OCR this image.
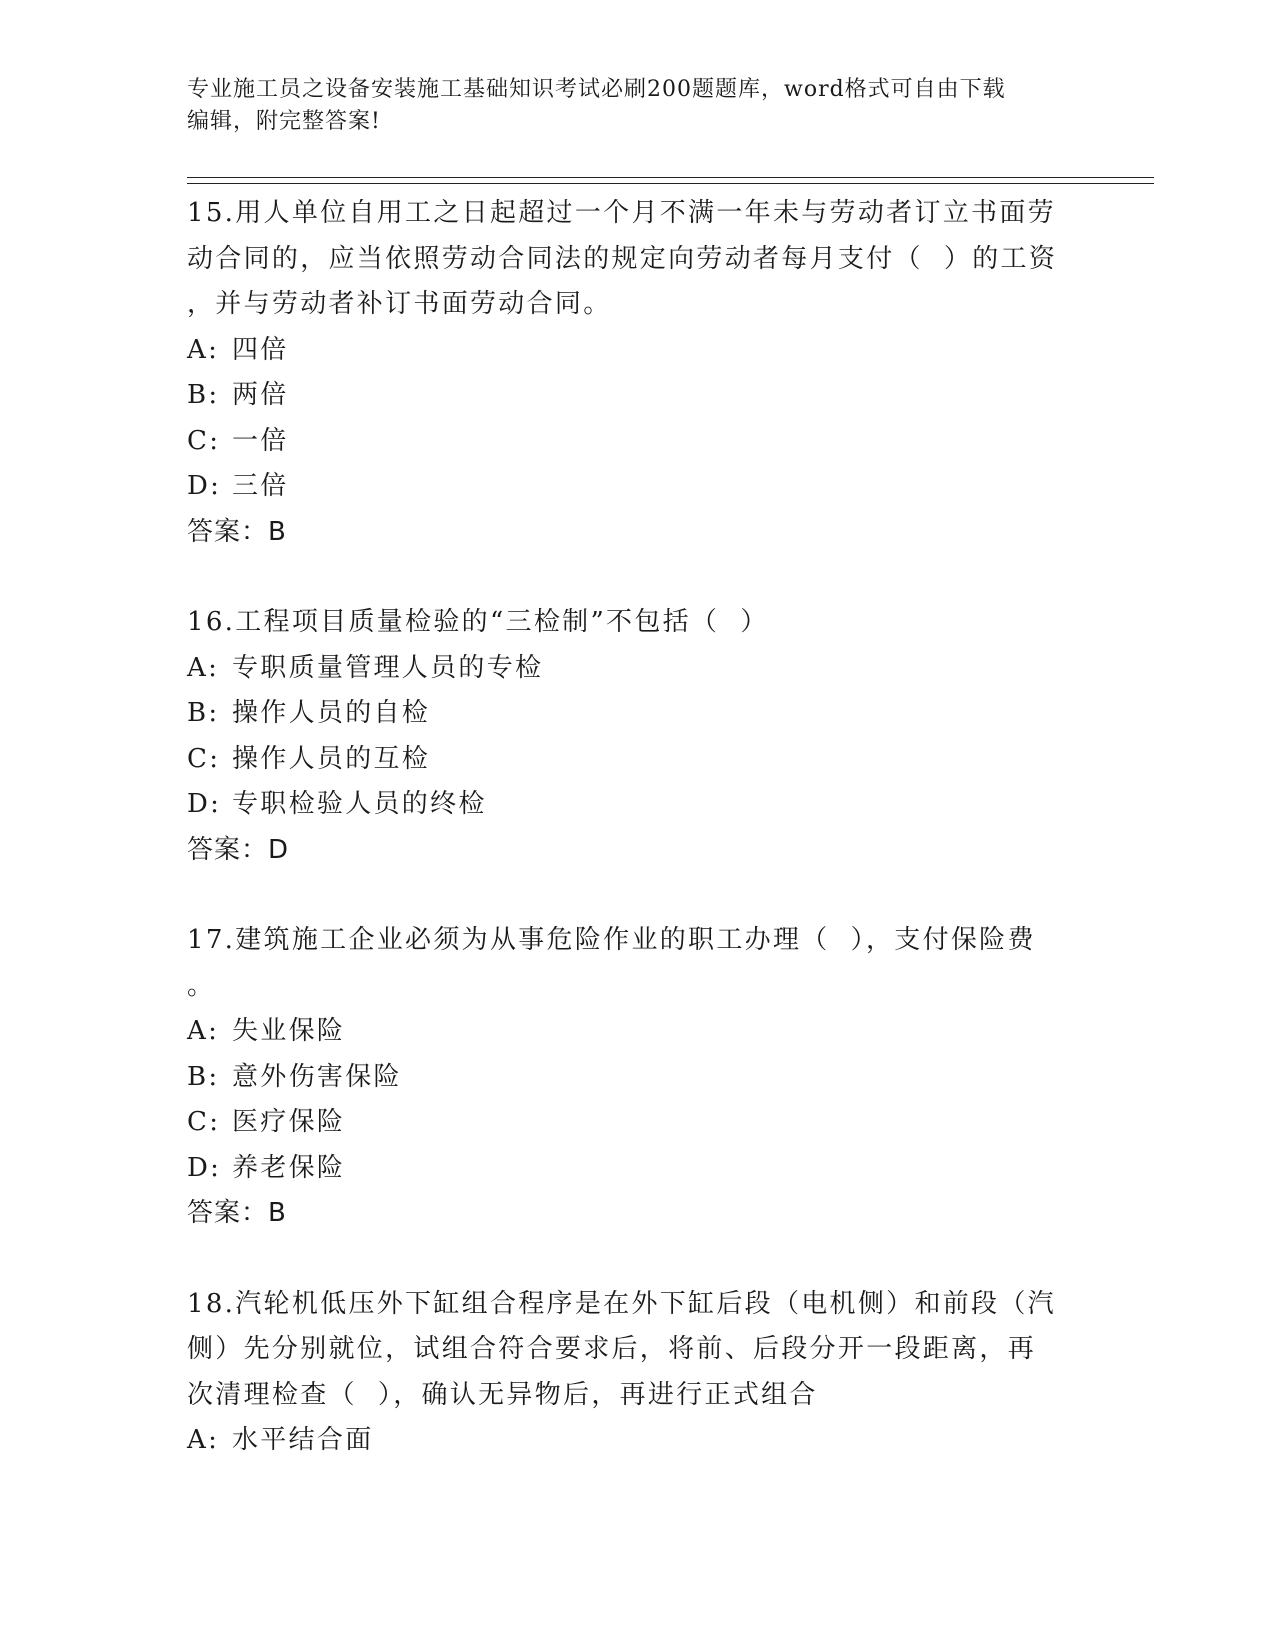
专业施工员之设备安装施工基础知识考试必刷200题题库，word格式可自由下载
编辑，附完整答案!
15.用人单位自用工之日起超过一个月不满一年未与劳动者订立书面劳
动合同的，应当依照劳动合同法的规定向劳动者每月支付（  ）的工资
，并与劳动者补订书面劳动合同。
A: 四倍
B: 两倍
C: 一倍
D: 三倍
答案：B
16.工程项目质量检验的“三检制”不包括（  ）
A: 专职质量管理人员的专检
B: 操作人员的自检
C: 操作人员的互检
D: 专职检验人员的终检
答案：D
17.建筑施工企业必须为从事危险作业的职工办理（  ），支付保险费
。
A: 失业保险
B: 意外伤害保险
C: 医疗保险
D: 养老保险
答案：B
18.汽轮机低压外下缸组合程序是在外下缸后段（电机侧）和前段（汽
侧）先分别就位，试组合符合要求后，将前、后段分开一段距离，再
次清理检查（  ），确认无异物后，再进行正式组合
A: 水平结合面
